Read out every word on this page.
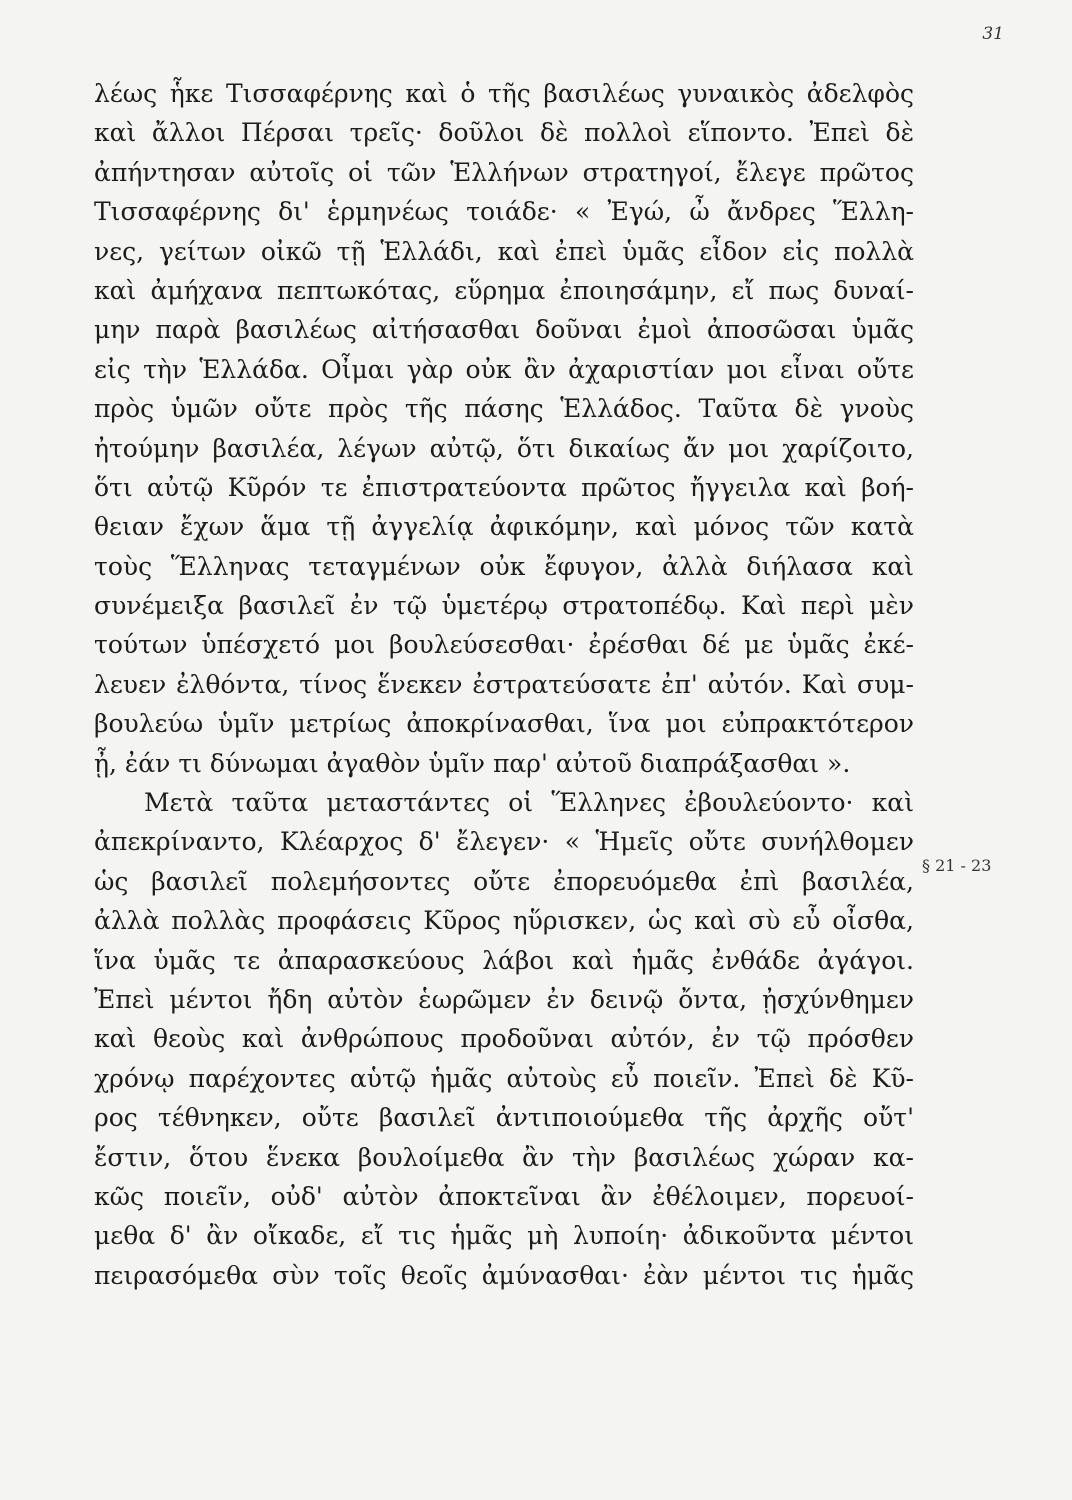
31
λέως ἧκε Τισσαφέρνης καὶ ὁ τῆς βασιλέως γυναικὸς ἀδελφὸς
καὶ ἄλλοι Πέρσαι τρεῖς· δοῦλοι δὲ πολλοὶ εἵποντο. Ἐπεὶ δὲ
ἀπήντησαν αὐτοῖς οἱ τῶν Ἑλλήνων στρατηγοί, ἔλεγε πρῶτος
Τισσαφέρνης δι' ἑρμηνέως τοιάδε· « Ἐγώ, ὦ ἄνδρες Ἕλλη-
νες, γείτων οἰκῶ τῇ Ἑλλάδι, καὶ ἐπεὶ ὑμᾶς εἶδον εἰς πολλὰ
καὶ ἀμήχανα πεπτωκότας, εὕρημα ἐποιησάμην, εἴ πως δυναί-
μην παρὰ βασιλέως αἰτήσασθαι δοῦναι ἐμοὶ ἀποσῶσαι ὑμᾶς
εἰς τὴν Ἑλλάδα. Οἶμαι γὰρ οὐκ ἂν ἀχαριστίαν μοι εἶναι οὔτε
πρὸς ὑμῶν οὔτε πρὸς τῆς πάσης Ἑλλάδος. Ταῦτα δὲ γνοὺς
ἠτούμην βασιλέα, λέγων αὐτῷ, ὅτι δικαίως ἄν μοι χαρίζοιτο,
ὅτι αὐτῷ Κῦρόν τε ἐπιστρατεύοντα πρῶτος ἤγγειλα καὶ βοή-
θειαν ἔχων ἅμα τῇ ἀγγελίᾳ ἀφικόμην, καὶ μόνος τῶν κατὰ
τοὺς Ἕλληνας τεταγμένων οὐκ ἔφυγον, ἀλλὰ διήλασα καὶ
συνέμειξα βασιλεῖ ἐν τῷ ὑμετέρῳ στρατοπέδῳ. Καὶ περὶ μὲν
τούτων ὑπέσχετό μοι βουλεύσεσθαι· ἐρέσθαι δέ με ὑμᾶς ἐκέ-
λευεν ἐλθόντα, τίνος ἕνεκεν ἐστρατεύσατε ἐπ' αὐτόν. Καὶ συμ-
βουλεύω ὑμῖν μετρίως ἀποκρίνασθαι, ἵνα μοι εὐπρακτότερον
ᾖ, ἐάν τι δύνωμαι ἀγαθὸν ὑμῖν παρ' αὐτοῦ διαπράξασθαι ».
Μετὰ ταῦτα μεταστάντες οἱ Ἕλληνες ἐβουλεύοντο· καὶ
ἀπεκρίναντο, Κλέαρχος δ' ἔλεγεν· « Ἡμεῖς οὔτε συνήλθομεν
ὡς βασιλεῖ πολεμήσοντες οὔτε ἐπορευόμεθα ἐπὶ βασιλέα,
ἀλλὰ πολλὰς προφάσεις Κῦρος ηὕρισκεν, ὡς καὶ σὺ εὖ οἶσθα,
ἵνα ὑμᾶς τε ἀπαρασκεύους λάβοι καὶ ἡμᾶς ἐνθάδε ἀγάγοι.
Ἐπεὶ μέντοι ἤδη αὐτὸν ἑωρῶμεν ἐν δεινῷ ὄντα, ᾐσχύνθημεν
καὶ θεοὺς καὶ ἀνθρώπους προδοῦναι αὐτόν, ἐν τῷ πρόσθεν
χρόνῳ παρέχοντες αὑτῷ ἡμᾶς αὐτοὺς εὖ ποιεῖν. Ἐπεὶ δὲ Κῦ-
ρος τέθνηκεν, οὔτε βασιλεῖ ἀντιποιούμεθα τῆς ἀρχῆς οὔτ'
ἔστιν, ὅτου ἕνεκα βουλοίμεθα ἂν τὴν βασιλέως χώραν κα-
κῶς ποιεῖν, οὐδ' αὐτὸν ἀποκτεῖναι ἂν ἐθέλοιμεν, πορευοί-
μεθα δ' ἂν οἴκαδε, εἴ τις ἡμᾶς μὴ λυποίη· ἀδικοῦντα μέντοι
πειρασόμεθα σὺν τοῖς θεοῖς ἀμύνασθαι· ἐὰν μέντοι τις ἡμᾶς
§ 21 - 23
